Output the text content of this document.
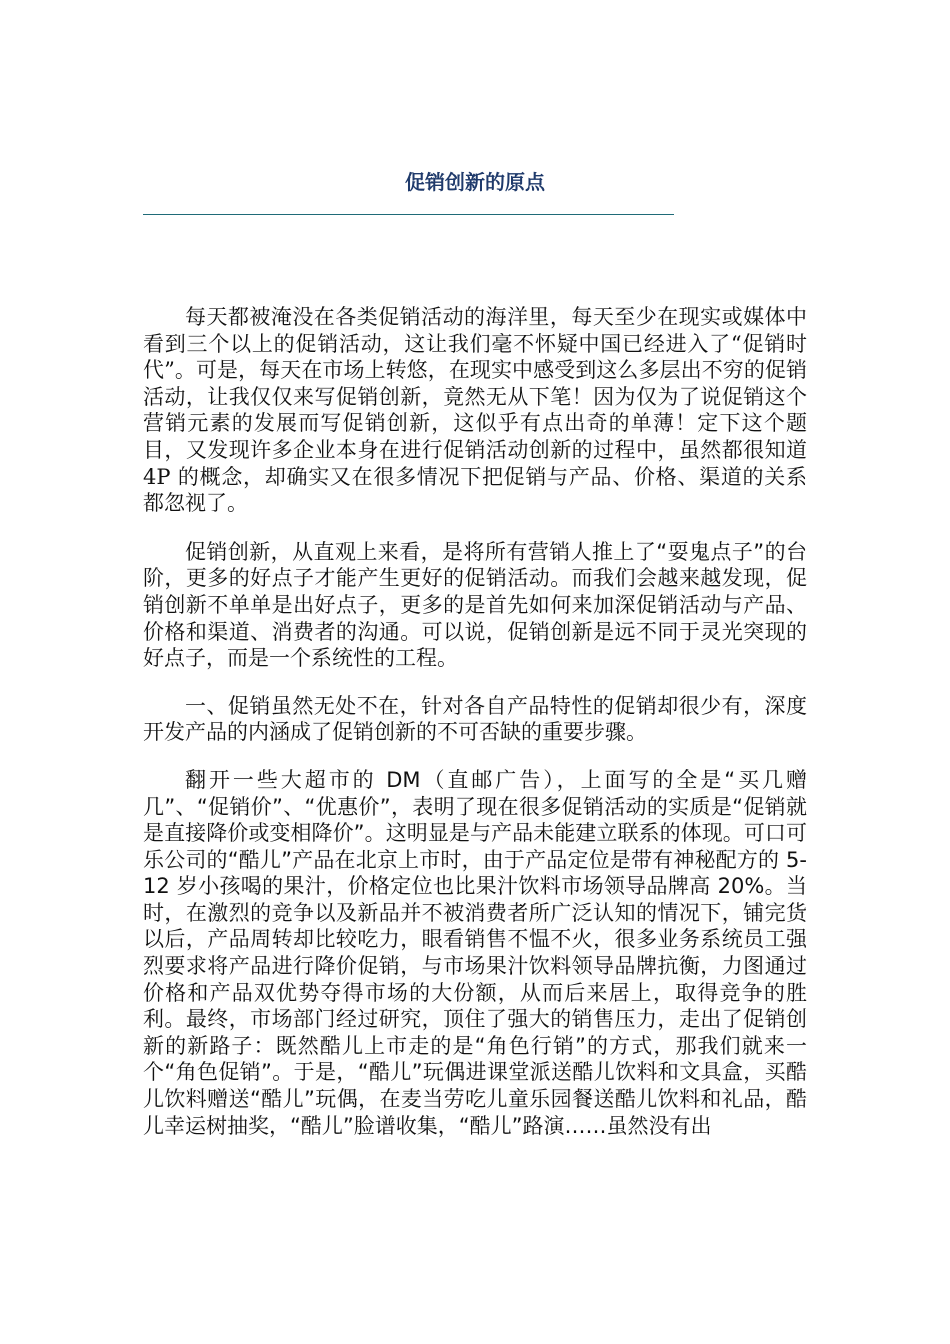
促销创新的原点

每天都被淹没在各类促销活动的海洋里，每天至少在现实或媒体中看到三个以上的促销活动，这让我们毫不怀疑中国已经进入了“促销时代”。可是，每天在市场上转悠，在现实中感受到这么多层出不穷的促销活动，让我仅仅来写促销创新，竟然无从下笔！因为仅为了说促销这个营销元素的发展而写促销创新，这似乎有点出奇的单薄！定下这个题目，又发现许多企业本身在进行促销活动创新的过程中，虽然都很知道 4P 的概念，却确实又在很多情况下把促销与产品、价格、渠道的关系都忽视了。

促销创新，从直观上来看，是将所有营销人推上了“耍鬼点子”的台阶，更多的好点子才能产生更好的促销活动。而我们会越来越发现，促销创新不单单是出好点子，更多的是首先如何来加深促销活动与产品、价格和渠道、消费者的沟通。可以说，促销创新是远不同于灵光突现的好点子，而是一个系统性的工程。

一、促销虽然无处不在，针对各自产品特性的促销却很少有，深度开发产品的内涵成了促销创新的不可否缺的重要步骤。

翻开一些大超市的 DM（直邮广告），上面写的全是“买几赠几”、“促销价”、“优惠价”，表明了现在很多促销活动的实质是“促销就是直接降价或变相降价”。这明显是与产品未能建立联系的体现。可口可乐公司的“酷儿”产品在北京上市时，由于产品定位是带有神秘配方的 5-12 岁小孩喝的果汁，价格定位也比果汁饮料市场领导品牌高 20%。当时，在激烈的竞争以及新品并不被消费者所广泛认知的情况下，铺完货以后，产品周转却比较吃力，眼看销售不愠不火，很多业务系统员工强烈要求将产品进行降价促销，与市场果汁饮料领导品牌抗衡，力图通过价格和产品双优势夺得市场的大份额，从而后来居上，取得竞争的胜利。最终，市场部门经过研究，顶住了强大的销售压力，走出了促销创新的新路子：既然酷儿上市走的是“角色行销”的方式，那我们就来一个“角色促销”。于是，“酷儿”玩偶进课堂派送酷儿饮料和文具盒，买酷儿饮料赠送“酷儿”玩偶，在麦当劳吃儿童乐园餐送酷儿饮料和礼品，酷儿幸运树抽奖，“酷儿”脸谱收集，“酷儿”路演……虽然没有出
